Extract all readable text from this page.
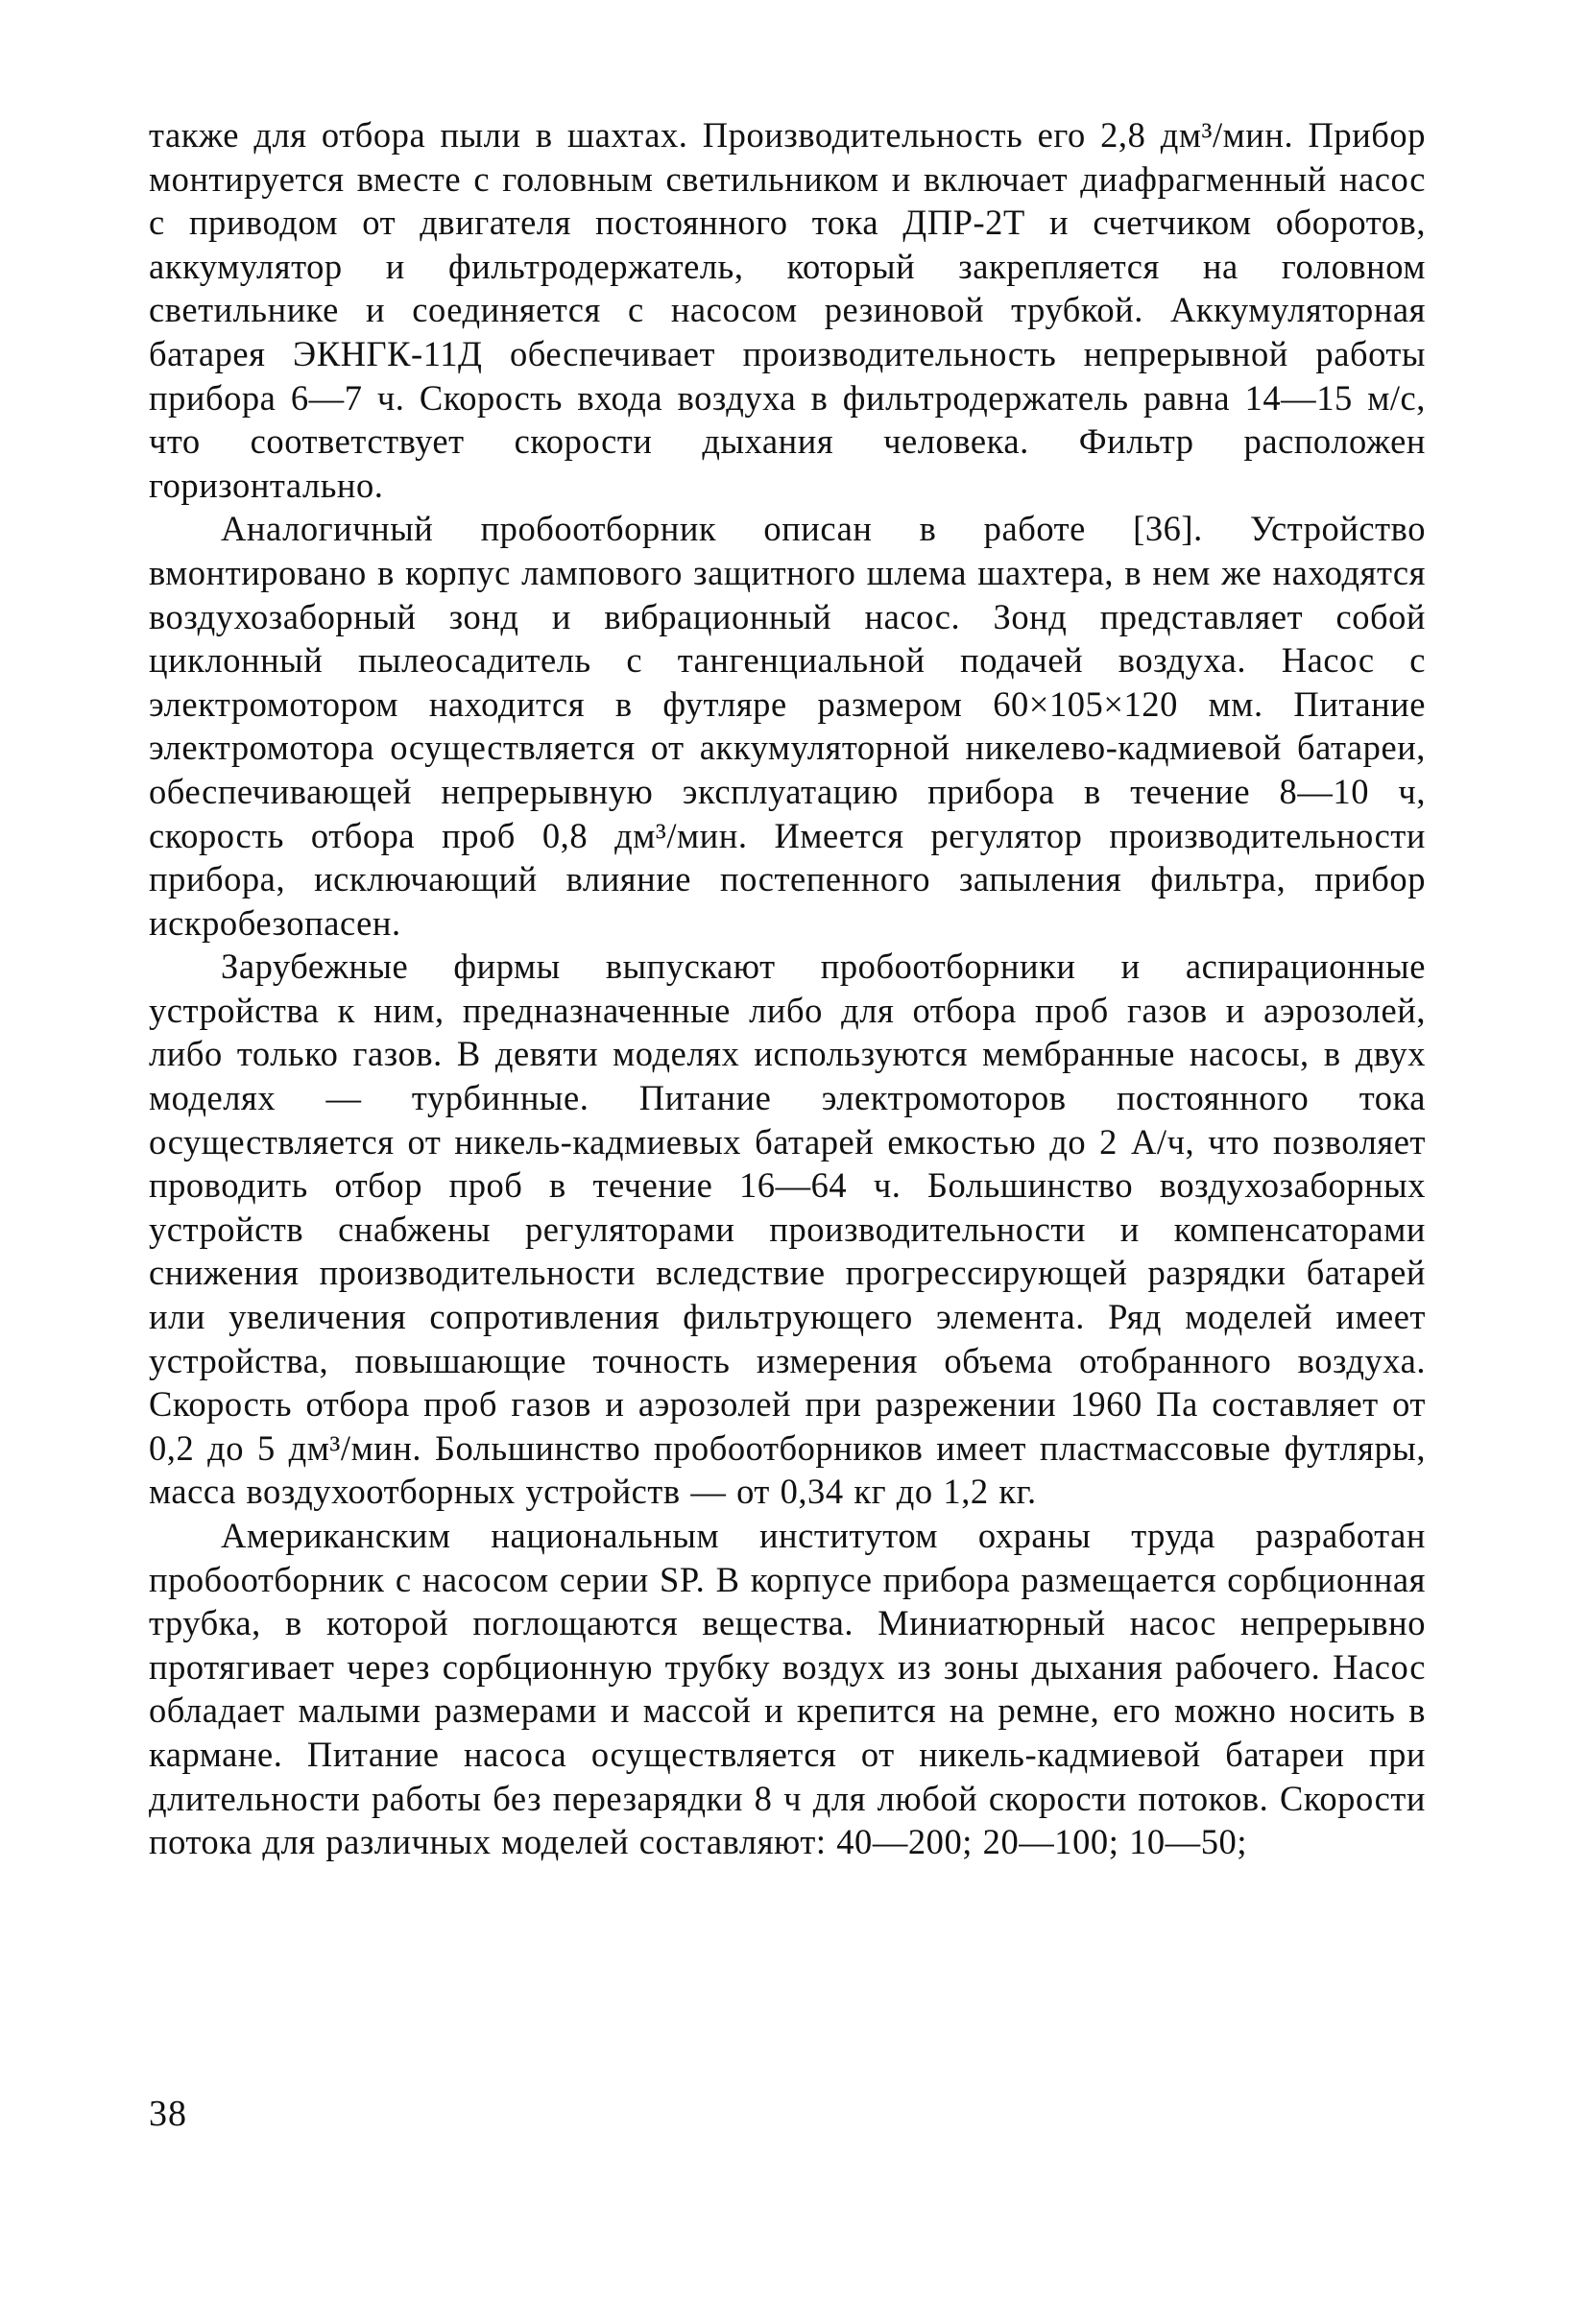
также для отбора пыли в шахтах. Производительность его 2,8 дм³/мин. Прибор монтируется вместе с головным светильником и включает диафрагменный насос с приводом от двигателя постоянного тока ДПР-2Т и счетчиком оборотов, аккумулятор и фильтродержатель, который закрепляется на головном светильнике и соединяется с насосом резиновой трубкой. Аккумуляторная батарея ЭКНГК-11Д обеспечивает производительность непрерывной работы прибора 6—7 ч. Скорость входа воздуха в фильтродержатель равна 14—15 м/с, что соответствует скорости дыхания человека. Фильтр расположен горизонтально.

Аналогичный пробоотборник описан в работе [36]. Устройство вмонтировано в корпус лампового защитного шлема шахтера, в нем же находятся воздухозаборный зонд и вибрационный насос. Зонд представляет собой циклонный пылеосадитель с тангенциальной подачей воздуха. Насос с электромотором находится в футляре размером 60×105×120 мм. Питание электромотора осуществляется от аккумуляторной никелево-кадмиевой батареи, обеспечивающей непрерывную эксплуатацию прибора в течение 8—10 ч, скорость отбора проб 0,8 дм³/мин. Имеется регулятор производительности прибора, исключающий влияние постепенного запыления фильтра, прибор искробезопасен.

Зарубежные фирмы выпускают пробоотборники и аспирационные устройства к ним, предназначенные либо для отбора проб газов и аэрозолей, либо только газов. В девяти моделях используются мембранные насосы, в двух моделях — турбинные. Питание электромоторов постоянного тока осуществляется от никель-кадмиевых батарей емкостью до 2 А/ч, что позволяет проводить отбор проб в течение 16—64 ч. Большинство воздухозаборных устройств снабжены регуляторами производительности и компенсаторами снижения производительности вследствие прогрессирующей разрядки батарей или увеличения сопротивления фильтрующего элемента. Ряд моделей имеет устройства, повышающие точность измерения объема отобранного воздуха. Скорость отбора проб газов и аэрозолей при разрежении 1960 Па составляет от 0,2 до 5 дм³/мин. Большинство пробоотборников имеет пластмассовые футляры, масса воздухоотборных устройств — от 0,34 кг до 1,2 кг.

Американским национальным институтом охраны труда разработан пробоотборник с насосом серии SP. В корпусе прибора размещается сорбционная трубка, в которой поглощаются вещества. Миниатюрный насос непрерывно протягивает через сорбционную трубку воздух из зоны дыхания рабочего. Насос обладает малыми размерами и массой и крепится на ремне, его можно носить в кармане. Питание насоса осуществляется от никель-кадмиевой батареи при длительности работы без перезарядки 8 ч для любой скорости потоков. Скорости потока для различных моделей составляют: 40—200; 20—100; 10—50;

38
